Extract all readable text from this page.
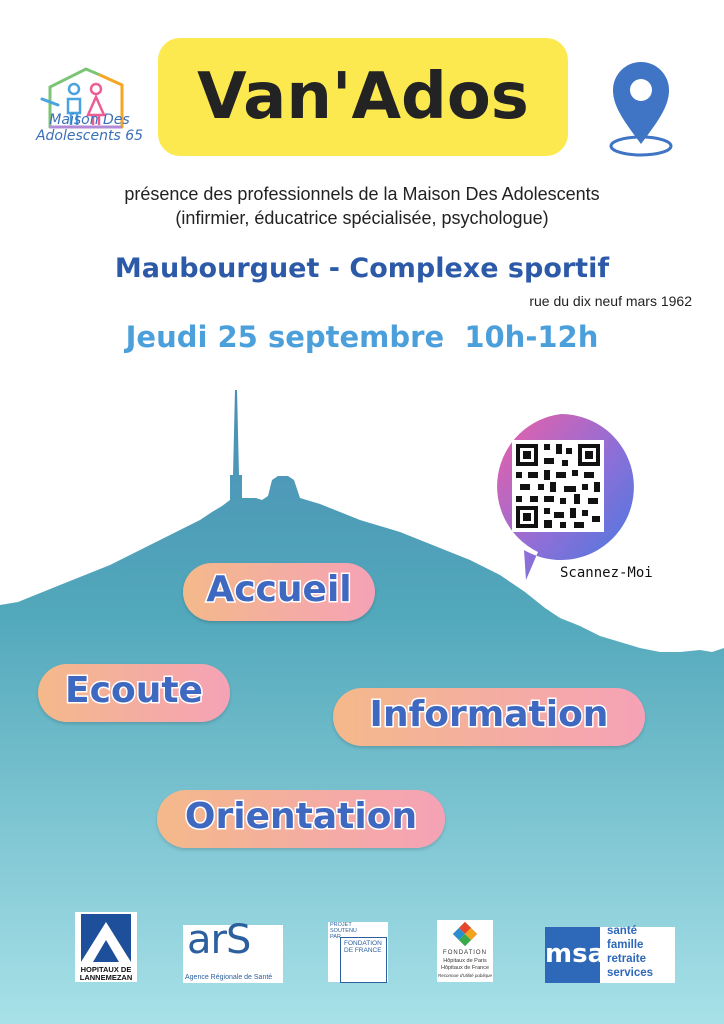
Maison Des Adolescents 65
Van'Ados
présence des professionnels de la Maison Des Adolescents
(infirmier, éducatrice spécialisée, psychologue)
Maubourguet - Complexe sportif
rue du dix neuf mars 1962
Jeudi 25 septembre  10h-12h
Scannez-Moi
Accueil
Ecoute
Information
Orientation
HOPITAUX DE LANNEMEZAN
arS
Agence Régionale de Santé
PROJET SOUTENU PAR
FONDATION DE FRANCE	FONDATION
Hôpitaux de Paris
Hôpitaux de France
Reconnue d'utilité publique
msa
santé
famille
retraite
services
